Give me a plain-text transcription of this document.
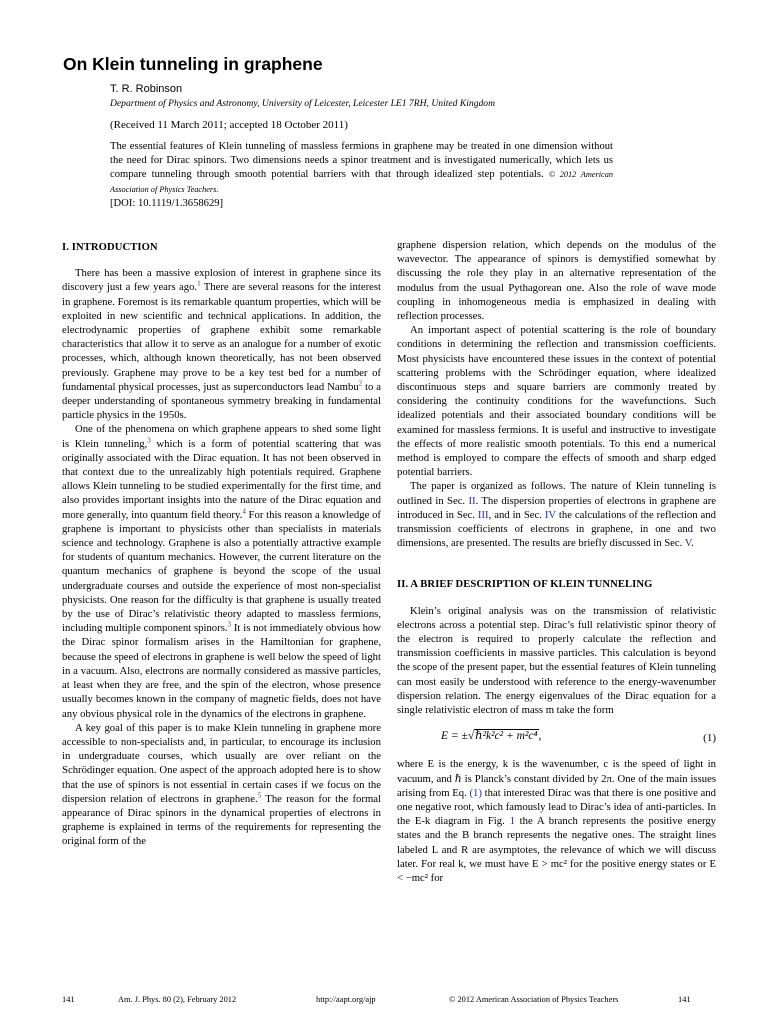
On Klein tunneling in graphene
T. R. Robinson
Department of Physics and Astronomy, University of Leicester, Leicester LE1 7RH, United Kingdom
(Received 11 March 2011; accepted 18 October 2011)
The essential features of Klein tunneling of massless fermions in graphene may be treated in one dimension without the need for Dirac spinors. Two dimensions needs a spinor treatment and is investigated numerically, which lets us compare tunneling through smooth potential barriers with that through idealized step potentials. © 2012 American Association of Physics Teachers.
[DOI: 10.1119/1.3658629]
I. INTRODUCTION

There has been a massive explosion of interest in graphene since its discovery just a few years ago.$^1$ There are several reasons for the interest in graphene. Foremost is its remarkable quantum properties, which will be exploited in new scientific and technical applications. In addition, the electrodynamic properties of graphene exhibit some remarkable characteristics that allow it to serve as an analogue for a number of exotic processes, which, although known theoretically, has not been observed previously. Graphene may prove to be a key test bed for a number of fundamental physical processes, just as superconductors lead Nambu$^2$ to a deeper understanding of spontaneous symmetry breaking in fundamental particle physics in the 1950s.

One of the phenomena on which graphene appears to shed some light is Klein tunneling,$^3$ which is a form of potential scattering that was originally associated with the Dirac equation. It has not been observed in that context due to the unrealizably high potentials required. Graphene allows Klein tunneling to be studied experimentally for the first time, and also provides important insights into the nature of the Dirac equation and more generally, into quantum field theory.$^4$ For this reason a knowledge of graphene is important to physicists other than specialists in materials science and technology. Graphene is also a potentially attractive example for students of quantum mechanics. However, the current literature on the quantum mechanics of graphene is beyond the scope of the usual undergraduate courses and outside the experience of most non-specialist physicists. One reason for the difficulty is that graphene is usually treated by the use of Dirac’s relativistic theory adapted to massless fermions, including multiple component spinors.$^3$ It is not immediately obvious how the Dirac spinor formalism arises in the Hamiltonian for graphene, because the speed of electrons in graphene is well below the speed of light in a vacuum. Also, electrons are normally considered as massive particles, at least when they are free, and the spin of the electron, whose presence usually becomes known in the company of magnetic fields, does not have any obvious physical role in the dynamics of the electrons in graphene.

A key goal of this paper is to make Klein tunneling in graphene more accessible to non-specialists and, in particular, to encourage its inclusion in undergraduate courses, which usually are over reliant on the Schrödinger equation. One aspect of the approach adopted here is to show that the use of spinors is not essential in certain cases if we focus on the dispersion relation of electrons in graphene.$^5$ The reason for the formal appearance of Dirac spinors in the dynamical properties of electrons in grapheme is explained in terms of the requirements for representing the original form of the

graphene dispersion relation, which depends on the modulus of the wavevector. The appearance of spinors is demystified somewhat by discussing the role they play in an alternative representation of the modulus from the usual Pythagorean one. Also the role of wave mode coupling in inhomogeneous media is emphasized in dealing with reflection processes.

An important aspect of potential scattering is the role of boundary conditions in determining the reflection and transmission coefficients. Most physicists have encountered these issues in the context of potential scattering problems with the Schrödinger equation, where idealized discontinuous steps and square barriers are commonly treated by considering the continuity conditions for the wavefunctions. Such idealized potentials and their associated boundary conditions will be examined for massless fermions. It is useful and instructive to investigate the effects of more realistic smooth potentials. To this end a numerical method is employed to compare the effects of smooth and sharp edged potential barriers.

The paper is organized as follows. The nature of Klein tunneling is outlined in Sec. II. The dispersion properties of electrons in graphene are introduced in Sec. III, and in Sec. IV the calculations of the reflection and transmission coefficients of electrons in graphene, in one and two dimensions, are presented. The results are briefly discussed in Sec. V.

II. A BRIEF DESCRIPTION OF KLEIN TUNNELING

Klein’s original analysis was on the transmission of relativistic electrons across a potential step. Dirac’s full relativistic spinor theory of the electron is required to properly calculate the reflection and transmission coefficients in massive particles. This calculation is beyond the scope of the present paper, but the essential features of Klein tunneling can most easily be understood with reference to the energy-wavenumber dispersion relation. The energy eigenvalues of the Dirac equation for a single relativistic electron of mass m take the form

E = ±√ℏ²k²c² + m²c⁴,	(1)

where E is the energy, k is the wavenumber, c is the speed of light in vacuum, and ℏ is Planck’s constant divided by 2π. One of the main issues arising from Eq. (1) that interested Dirac was that there is one positive and one negative root, which famously lead to Dirac’s idea of anti-particles. In the E-k diagram in Fig. 1 the A branch represents the positive energy states and the B branch represents the negative ones. The straight lines labeled L and R are asymptotes, the relevance of which we will discuss later. For real k, we must have E > mc² for the positive energy states or E < −mc² for

141	Am. J. Phys. 80 (2), February 2012	http://aapt.org/ajp	© 2012 American Association of Physics Teachers	141
